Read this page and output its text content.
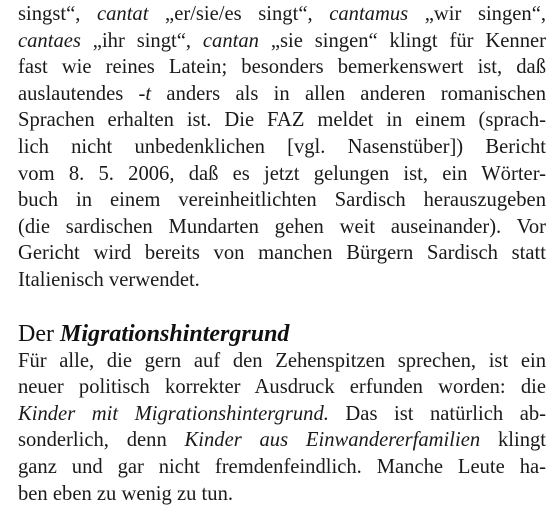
singst“, cantat „er/sie/es singt“, cantamus „wir singen“,
cantaes „ihr singt“, cantan „sie singen“ klingt für Kenner
fast wie reines Latein; besonders bemerkenswert ist, daß
auslautendes -t anders als in allen anderen romanischen
Sprachen erhalten ist. Die FAZ meldet in einem (sprach-
lich nicht unbedenklichen [vgl. Nasenstüber]) Bericht
vom 8. 5. 2006, daß es jetzt gelungen ist, ein Wörter-
buch in einem vereinheitlichten Sardisch herauszugeben
(die sardischen Mundarten gehen weit auseinander). Vor
Gericht wird bereits von manchen Bürgern Sardisch statt
Italienisch verwendet.

Der Migrationshintergrund

Für alle, die gern auf den Zehenspitzen sprechen, ist ein
neuer politisch korrekter Ausdruck erfunden worden: die
Kinder mit Migrationshintergrund. Das ist natürlich ab-
sonderlich, denn Kinder aus Einwandererfamilien klingt
ganz und gar nicht fremdenfeindlich. Manche Leute ha-
ben eben zu wenig zu tun.
